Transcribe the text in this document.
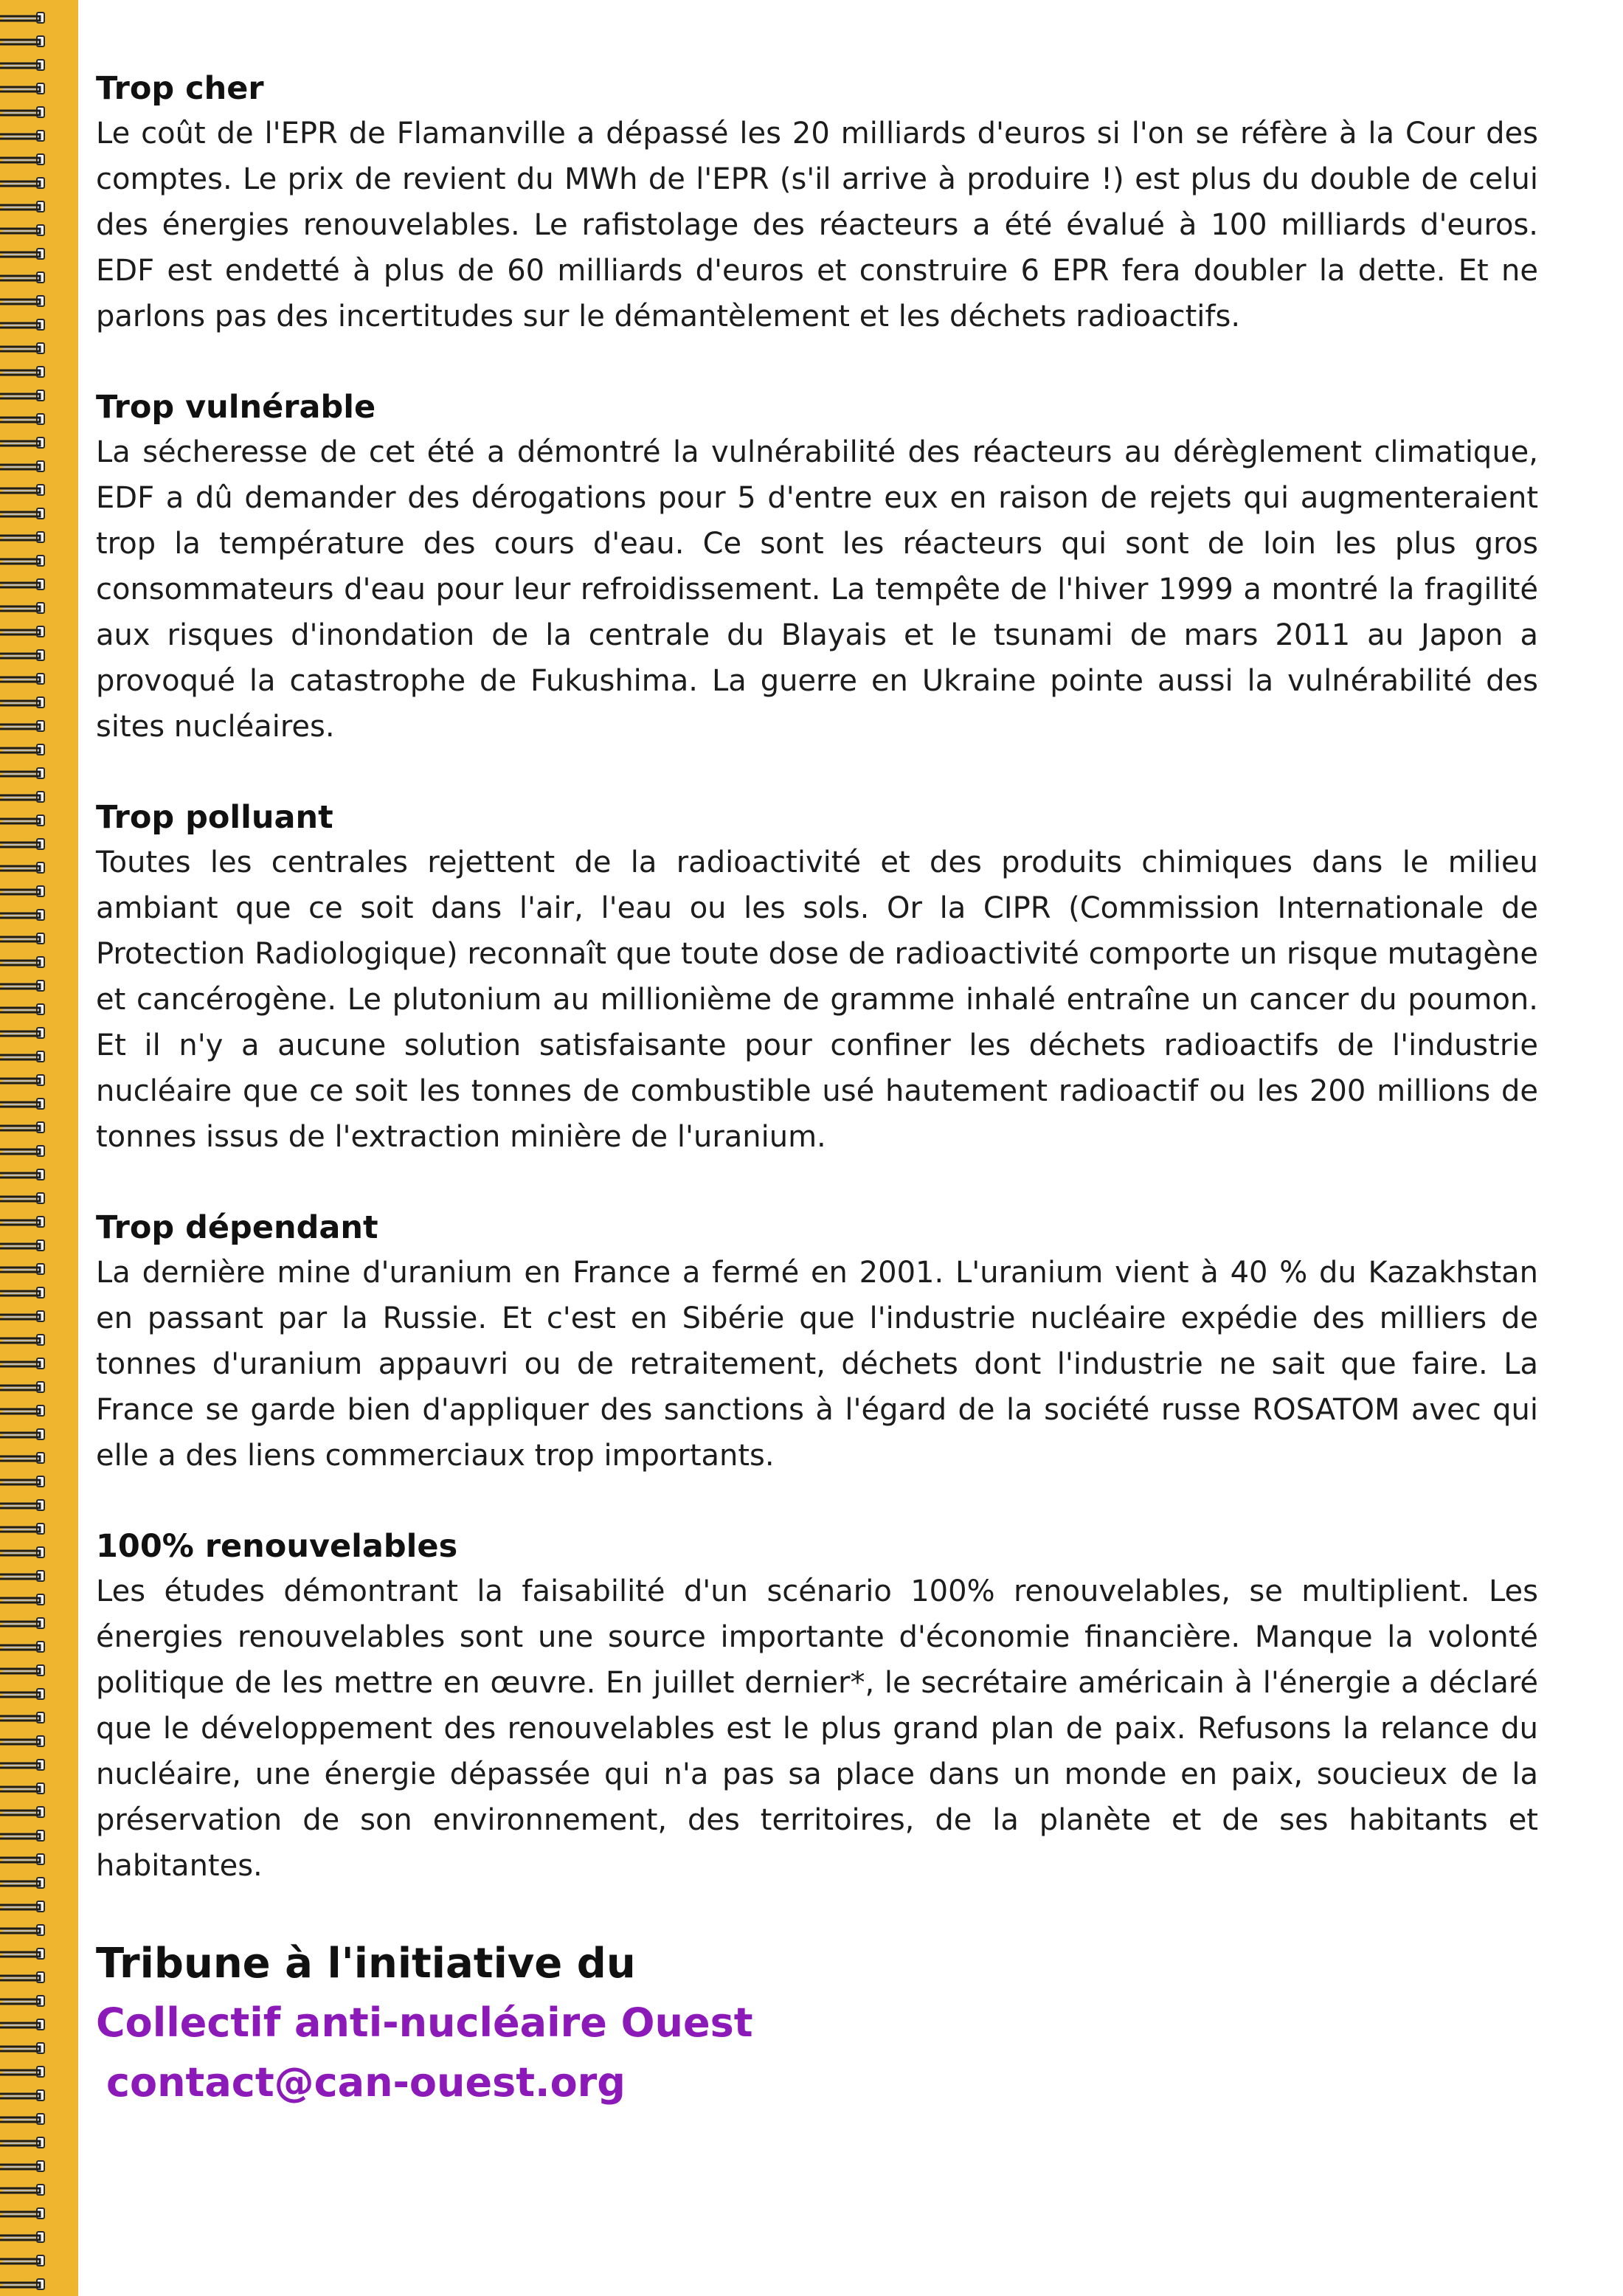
Trop cher

Le coût de l'EPR de Flamanville a dépassé les 20 milliards d'euros si l'on se réfère à la Cour des comptes. Le prix de revient du MWh de l'EPR (s'il arrive à produire !) est plus du double de celui des énergies renouvelables. Le rafistolage des réacteurs a été évalué à 100 milliards d'euros. EDF est endetté à plus de 60 milliards d'euros et construire 6 EPR fera doubler la dette. Et ne parlons pas des incertitudes sur le démantèlement et les déchets radioactifs.

Trop vulnérable

La sécheresse de cet été a démontré la vulnérabilité des réacteurs au dérèglement climatique, EDF a dû demander des dérogations pour 5 d'entre eux en raison de rejets qui augmenteraient trop la température des cours d'eau. Ce sont les réacteurs qui sont de loin les plus gros consommateurs d'eau pour leur refroidissement. La tempête de l'hiver 1999 a montré la fragilité aux risques d'inondation de la centrale du Blayais et le tsunami de mars 2011 au Japon a provoqué la catastrophe de Fukushima. La guerre en Ukraine pointe aussi la vulnérabilité des sites nucléaires.

Trop polluant

Toutes les centrales rejettent de la radioactivité et des produits chimiques dans le milieu ambiant que ce soit dans l'air, l'eau ou les sols. Or la CIPR (Commission Internationale de Protection Radiologique) reconnaît que toute dose de radioactivité comporte un risque mutagène et cancérogène. Le plutonium au millionième de gramme inhalé entraîne un cancer du poumon. Et il n'y a aucune solution satisfaisante pour confiner les déchets radioactifs de l'industrie nucléaire que ce soit les tonnes de combustible usé hautement radioactif ou les 200 millions de tonnes issus de l'extraction minière de l'uranium.

Trop dépendant

La dernière mine d'uranium en France a fermé en 2001. L'uranium vient à 40 % du Kazakhstan en passant par la Russie. Et c'est en Sibérie que l'industrie nucléaire expédie des milliers de tonnes d'uranium appauvri ou de retraitement, déchets dont l'industrie ne sait que faire. La France se garde bien d'appliquer des sanctions à l'égard de la société russe ROSATOM avec qui elle a des liens commerciaux trop importants.

100% renouvelables

Les études démontrant la faisabilité d'un scénario 100% renouvelables, se multiplient. Les énergies renouvelables sont une source importante d'économie financière. Manque la volonté politique de les mettre en œuvre. En juillet dernier*, le secrétaire américain à l'énergie a déclaré que le développement des renouvelables est le plus grand plan de paix. Refusons la relance du nucléaire, une énergie dépassée qui n'a pas sa place dans un monde en paix, soucieux de la préservation de son environnement, des territoires, de la planète et de ses habitants et habitantes.

Tribune à l'initiative du
Collectif anti-nucléaire Ouest
contact@can-ouest.org
